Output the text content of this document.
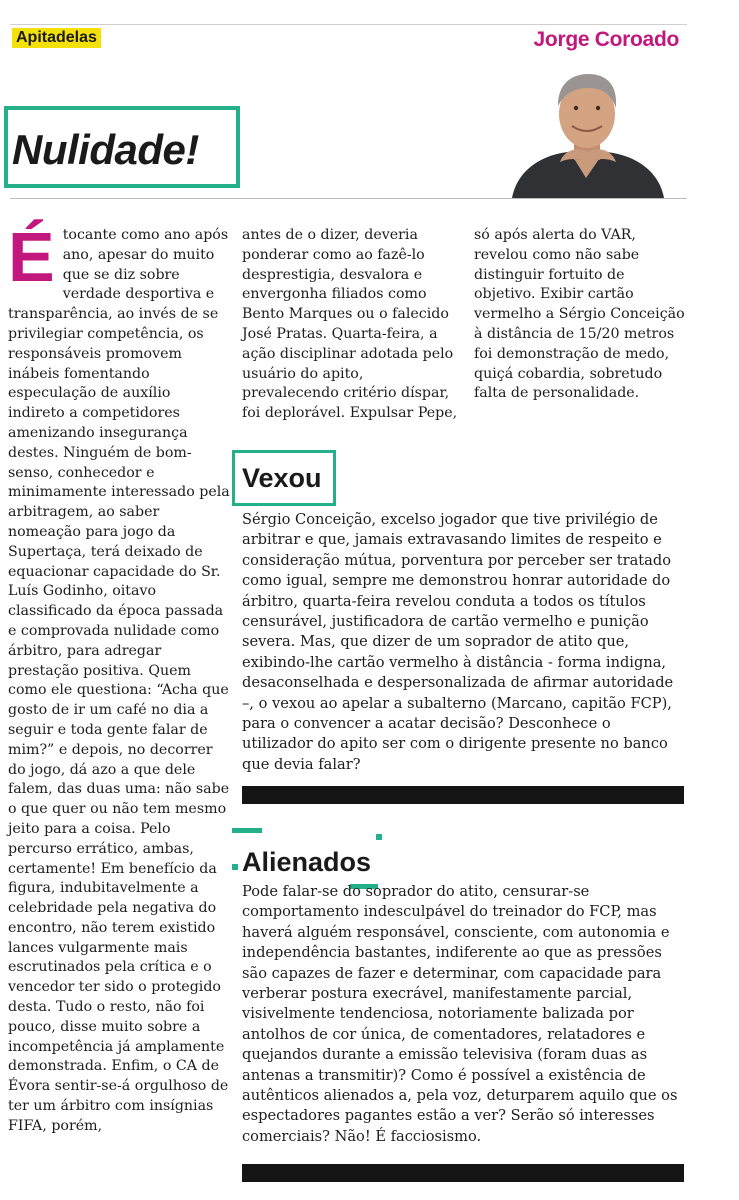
Apitadelas	Jorge Coroado
Nulidade!
É tocante como ano após ano, apesar do muito que se diz sobre verdade desportiva e transparência, ao invés de se privilegiar competência, os responsáveis promovem inábeis fomentando especulação de auxílio indireto a competidores amenizando insegurança destes. Ninguém de bom-senso, conhecedor e minimamente interessado pela arbitragem, ao saber nomeação para jogo da Supertaça, terá deixado de equacionar capacidade do Sr. Luís Godinho, oitavo classificado da época passada e comprovada nulidade como árbitro, para adregar prestação positiva. Quem como ele questiona: “Acha que gosto de ir um café no dia a seguir e toda gente falar de mim?” e depois, no decorrer do jogo, dá azo a que dele falem, das duas uma: não sabe o que quer ou não tem mesmo jeito para a coisa. Pelo percurso errático, ambas, certamente! Em benefício da figura, indubitavelmente a celebridade pela negativa do encontro, não terem existido lances vulgarmente mais escrutinados pela crítica e o vencedor ter sido o protegido desta. Tudo o resto, não foi pouco, disse muito sobre a incompetência já amplamente demonstrada. Enfim, o CA de Évora sentir-se-á orgulhoso de ter um árbitro com insígnias FIFA, porém,
antes de o dizer, deveria ponderar como ao fazê-lo desprestigia, desvalora e envergonha filiados como Bento Marques ou o falecido José Pratas. Quarta-feira, a ação disciplinar adotada pelo usuário do apito, prevalecendo critério díspar, foi deplorável. Expulsar Pepe,
só após alerta do VAR, revelou como não sabe distinguir fortuito de objetivo. Exibir cartão vermelho a Sérgio Conceição à distância de 15/20 metros foi demonstração de medo, quiçá cobardia, sobretudo falta de personalidade.
Vexou
Sérgio Conceição, excelso jogador que tive privilégio de arbitrar e que, jamais extravasando limites de respeito e consideração mútua, porventura por perceber ser tratado como igual, sempre me demonstrou honrar autoridade do árbitro, quarta-feira revelou conduta a todos os títulos censurável, justificadora de cartão vermelho e punição severa. Mas, que dizer de um soprador de atito que, exibindo-lhe cartão vermelho à distância - forma indigna, desaconselhada e despersonalizada de afirmar autoridade –, o vexou ao apelar a subalterno (Marcano, capitão FCP), para o convencer a acatar decisão? Desconhece o utilizador do apito ser com o dirigente presente no banco que devia falar?
Alienados
Pode falar-se do soprador do atito, censurar-se comportamento indesculpável do treinador do FCP, mas haverá alguém responsável, consciente, com autonomia e independência bastantes, indiferente ao que as pressões são capazes de fazer e determinar, com capacidade para verberar postura execrável, manifestamente parcial, visivelmente tendenciosa, notoriamente balizada por antolhos de cor única, de comentadores, relatadores e quejandos durante a emissão televisiva (foram duas as antenas a transmitir)? Como é possível a existência de autênticos alienados a, pela voz, deturparem aquilo que os espectadores pagantes estão a ver? Serão só interesses comerciais? Não! É facciosismo.
